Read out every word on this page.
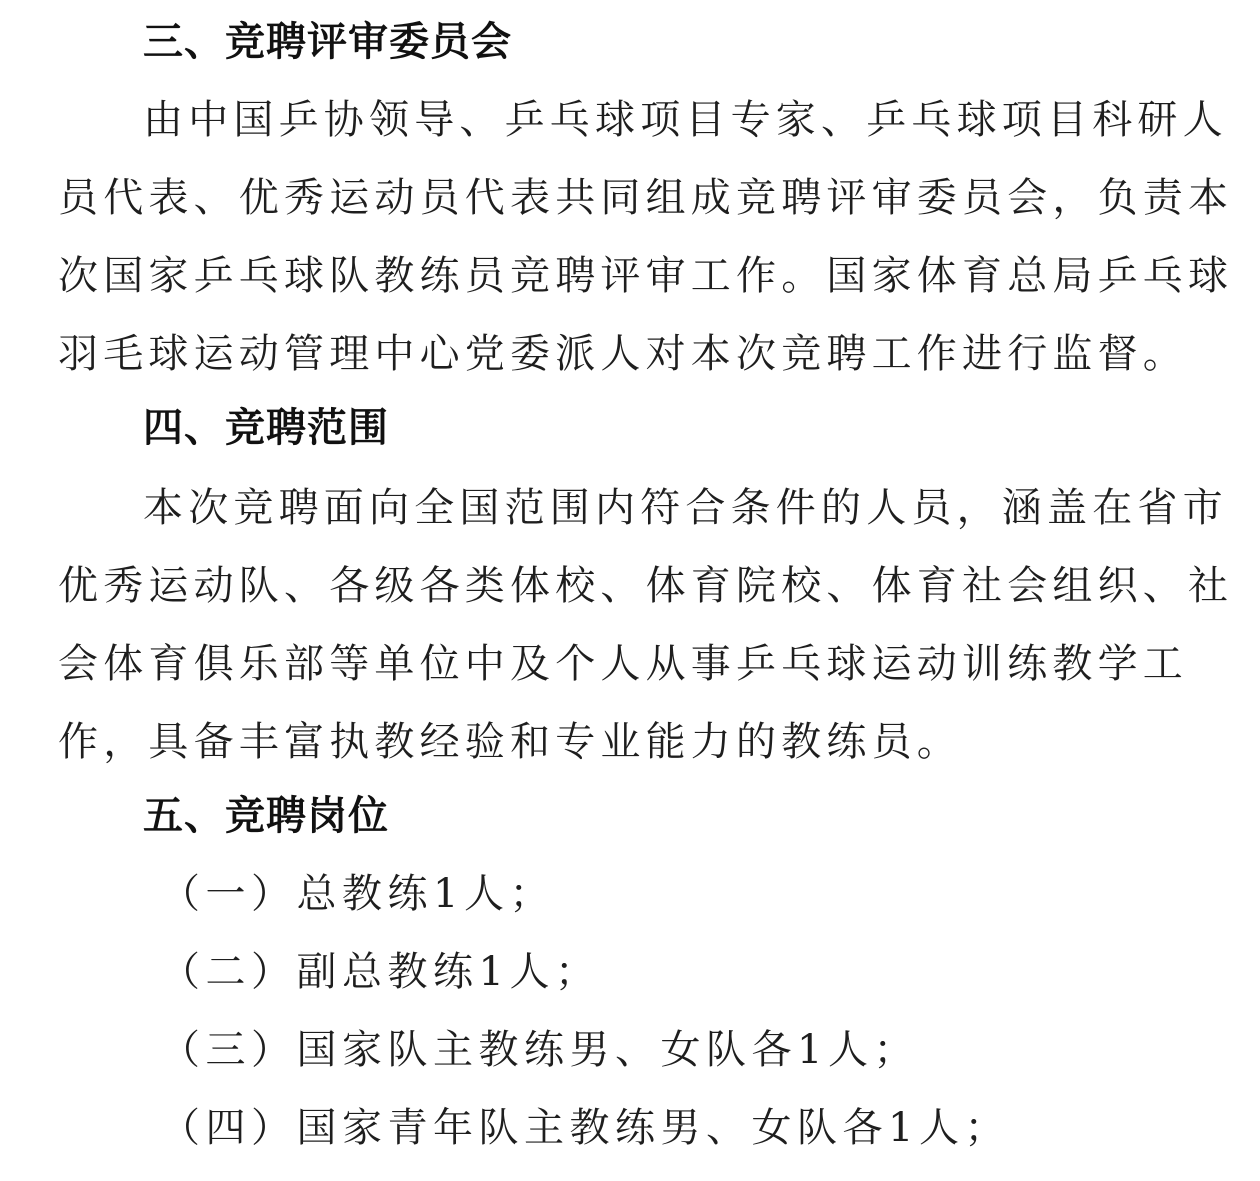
三、竞聘评审委员会

由中国乒协领导、乒乓球项目专家、乒乓球项目科研人

员代表、优秀运动员代表共同组成竞聘评审委员会，负责本

次国家乒乓球队教练员竞聘评审工作。国家体育总局乒乓球

羽毛球运动管理中心党委派人对本次竞聘工作进行监督。

四、竞聘范围

本次竞聘面向全国范围内符合条件的人员，涵盖在省市

优秀运动队、各级各类体校、体育院校、体育社会组织、社

会体育俱乐部等单位中及个人从事乒乓球运动训练教学工

作，具备丰富执教经验和专业能力的教练员。

五、竞聘岗位

（一）总教练1人；

（二）副总教练1人；

（三）国家队主教练男、女队各1人；

（四）国家青年队主教练男、女队各1人；
